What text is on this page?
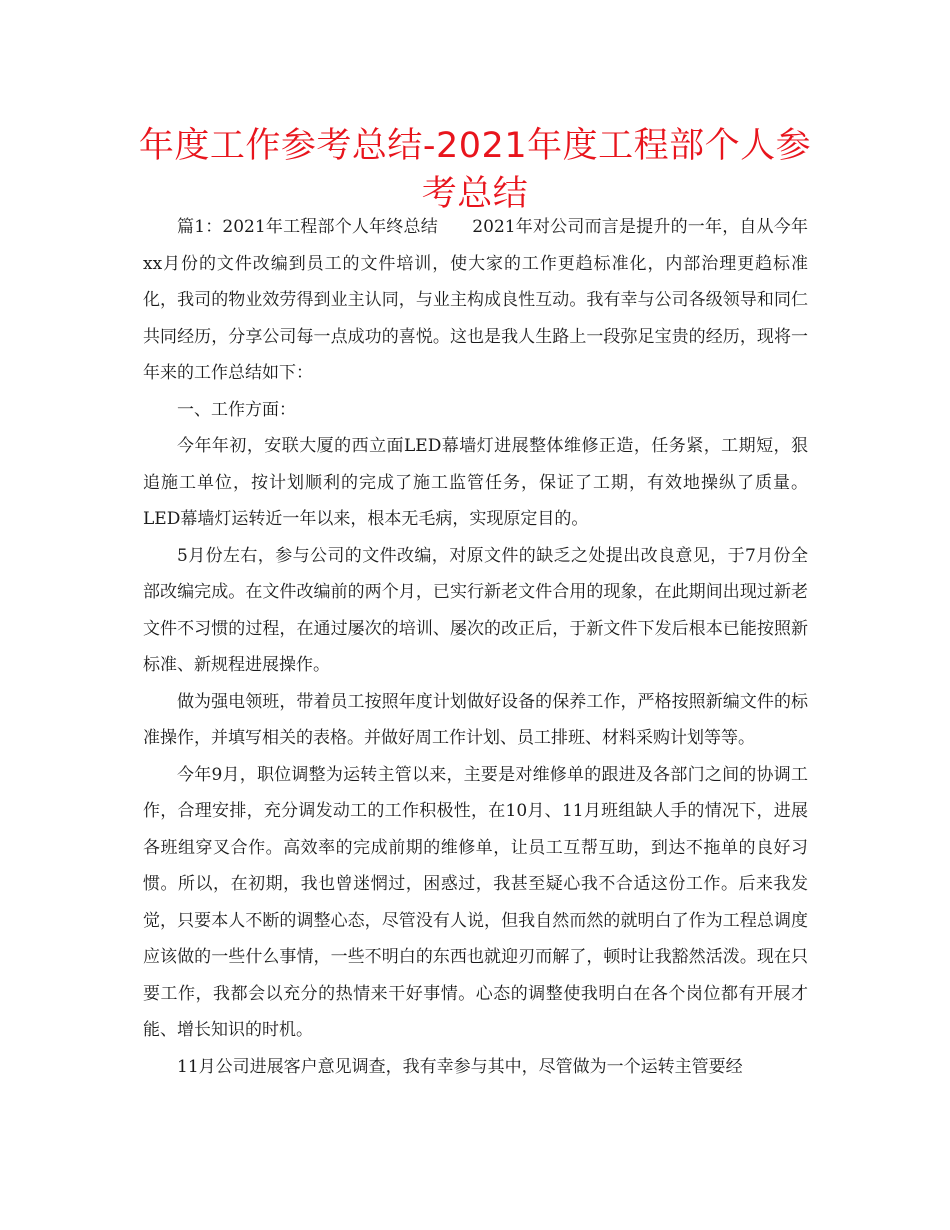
年度工作参考总结-2021年度工程部个人参考总结

篇1：2021年工程部个人年终总结　　2021年对公司而言是提升的一年，自从今年xx月份的文件改编到员工的文件培训，使大家的工作更趋标准化，内部治理更趋标准化，我司的物业效劳得到业主认同，与业主构成良性互动。我有幸与公司各级领导和同仁共同经历，分享公司每一点成功的喜悦。这也是我人生路上一段弥足宝贵的经历，现将一年来的工作总结如下：

一、工作方面：

今年年初，安联大厦的西立面LED幕墙灯进展整体维修正造，任务紧，工期短，狠追施工单位，按计划顺利的完成了施工监管任务，保证了工期，有效地操纵了质量。LED幕墙灯运转近一年以来，根本无毛病，实现原定目的。

5月份左右，参与公司的文件改编，对原文件的缺乏之处提出改良意见，于7月份全部改编完成。在文件改编前的两个月，已实行新老文件合用的现象，在此期间出现过新老文件不习惯的过程，在通过屡次的培训、屡次的改正后，于新文件下发后根本已能按照新标准、新规程进展操作。

做为强电领班，带着员工按照年度计划做好设备的保养工作，严格按照新编文件的标准操作，并填写相关的表格。并做好周工作计划、员工排班、材料采购计划等等。

今年9月，职位调整为运转主管以来，主要是对维修单的跟进及各部门之间的协调工作，合理安排，充分调发动工的工作积极性，在10月、11月班组缺人手的情况下，进展各班组穿叉合作。高效率的完成前期的维修单，让员工互帮互助，到达不拖单的良好习惯。所以，在初期，我也曾迷惘过，困惑过，我甚至疑心我不合适这份工作。后来我发觉，只要本人不断的调整心态，尽管没有人说，但我自然而然的就明白了作为工程总调度应该做的一些什么事情，一些不明白的东西也就迎刃而解了，顿时让我豁然活泼。现在只要工作，我都会以充分的热情来干好事情。心态的调整使我明白在各个岗位都有开展才能、增长知识的时机。

11月公司进展客户意见调查，我有幸参与其中，尽管做为一个运转主管要经
